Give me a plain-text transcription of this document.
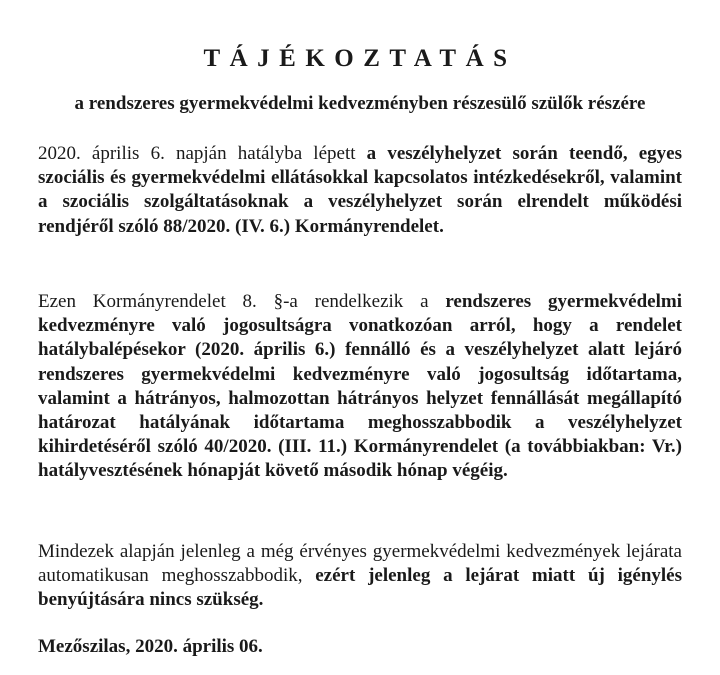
TÁJÉKOZTATÁS

a rendszeres gyermekvédelmi kedvezményben részesülő szülők részére

2020. április 6. napján hatályba lépett a veszélyhelyzet során teendő, egyes szociális és gyermekvédelmi ellátásokkal kapcsolatos intézkedésekről, valamint a szociális szolgáltatásoknak a veszélyhelyzet során elrendelt működési rendjéről szóló 88/2020. (IV. 6.) Kormányrendelet.

Ezen Kormányrendelet 8. §-a rendelkezik a rendszeres gyermekvédelmi kedvezményre való jogosultságra vonatkozóan arról, hogy a rendelet hatálybalépésekor (2020. április 6.) fennálló és a veszélyhelyzet alatt lejáró rendszeres gyermekvédelmi kedvezményre való jogosultság időtartama, valamint a hátrányos, halmozottan hátrányos helyzet fennállását megállapító határozat hatályának időtartama meghosszabbodik a veszélyhelyzet kihirdetéséről szóló 40/2020. (III. 11.) Kormányrendelet (a továbbiakban: Vr.) hatályvesztésének hónapját követő második hónap végéig.

Mindezek alapján jelenleg a még érvényes gyermekvédelmi kedvezmények lejárata automatikusan meghosszabbodik, ezért jelenleg a lejárat miatt új igénylés benyújtására nincs szükség.

Mezőszilas, 2020. április 06.
